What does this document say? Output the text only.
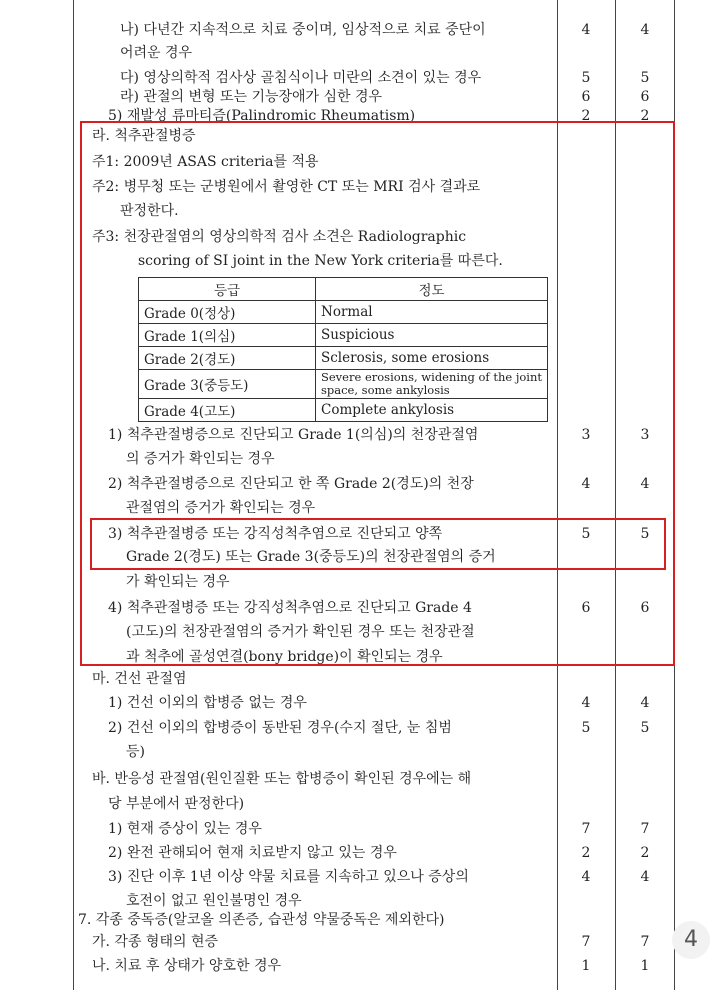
나) 다년간 지속적으로 치료 중이며, 임상적으로 치료 중단이	4	4
어려운 경우
다) 영상의학적 검사상 골침식이나 미란의 소견이 있는 경우	5	5
라) 관절의 변형 또는 기능장애가 심한 경우	6	6
5) 재발성 류마티즘(Palindromic Rheumatism)	2	2
라. 척추관절병증
주1: 2009년 ASAS criteria를 적용
주2: 병무청 또는 군병원에서 촬영한 CT 또는 MRI 검사 결과로
판정한다.
주3: 천장관절염의 영상의학적 검사 소견은 Radiolographic
scoring of SI joint in the New York criteria를 따른다.
등급	정도
Grade 0(정상)	Normal
Grade 1(의심)	Suspicious
Grade 2(경도)	Sclerosis, some erosions
Grade 3(중등도)	Severe erosions, widening of the joint space, some ankylosis
Grade 4(고도)	Complete ankylosis
1) 척추관절병증으로 진단되고 Grade 1(의심)의 천장관절염	3	3
의 증거가 확인되는 경우
2) 척추관절병증으로 진단되고 한 쪽 Grade 2(경도)의 천장	4	4
관절염의 증거가 확인되는 경우
3) 척추관절병증 또는 강직성척추염으로 진단되고 양쪽	5	5
Grade 2(경도) 또는 Grade 3(중등도)의 천장관절염의 증거
가 확인되는 경우
4) 척추관절병증 또는 강직성척추염으로 진단되고 Grade 4	6	6
(고도)의 천장관절염의 증거가 확인된 경우 또는 천장관절
과 척추에 골성연결(bony bridge)이 확인되는 경우
마. 건선 관절염
1) 건선 이외의 합병증 없는 경우	4	4
2) 건선 이외의 합병증이 동반된 경우(수지 절단, 눈 침범	5	5
등)
바. 반응성 관절염(원인질환 또는 합병증이 확인된 경우에는 해
당 부분에서 판정한다)
1) 현재 증상이 있는 경우	7	7
2) 완전 관해되어 현재 치료받지 않고 있는 경우	2	2
3) 진단 이후 1년 이상 약물 치료를 지속하고 있으나 증상의	4	4
호전이 없고 원인불명인 경우
7. 각종 중독증(알코올 의존증, 습관성 약물중독은 제외한다)
가. 각종 형태의 현증	7	7
나. 치료 후 상태가 양호한 경우	1	1
4
